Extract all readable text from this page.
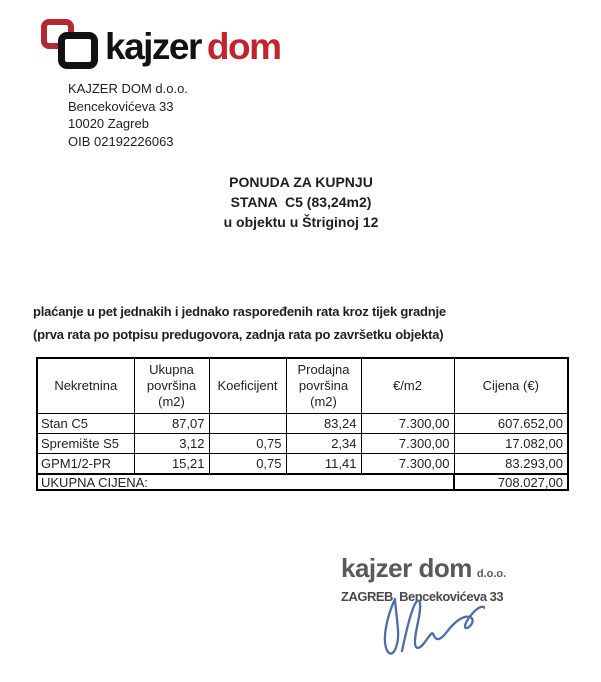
kajzer dom
KAJZER DOM d.o.o.
Bencekovićeva 33
10020 Zagreb
OIB 02192226063
PONUDA ZA KUPNJU
STANA  C5 (83,24m2)
u objektu u Štriginoj 12
plaćanje u pet jednakih i jednako raspoređenih rata kroz tijek gradnje
(prva rata po potpisu predugovora, zadnja rata po završetku objekta)
Nekretnina	Ukupna površina (m2)	Koeficijent	Prodajna površina (m2)	€/m2	Cijena (€)
Stan C5	87,07		83,24	7.300,00	607.652,00
Spremište S5	3,12	0,75	2,34	7.300,00	17.082,00
GPM1/2-PR	15,21	0,75	11,41	7.300,00	83.293,00
UKUPNA CIJENA:					708.027,00
kajzer dom d.o.o.
ZAGREB, Bencekovićeva 33
